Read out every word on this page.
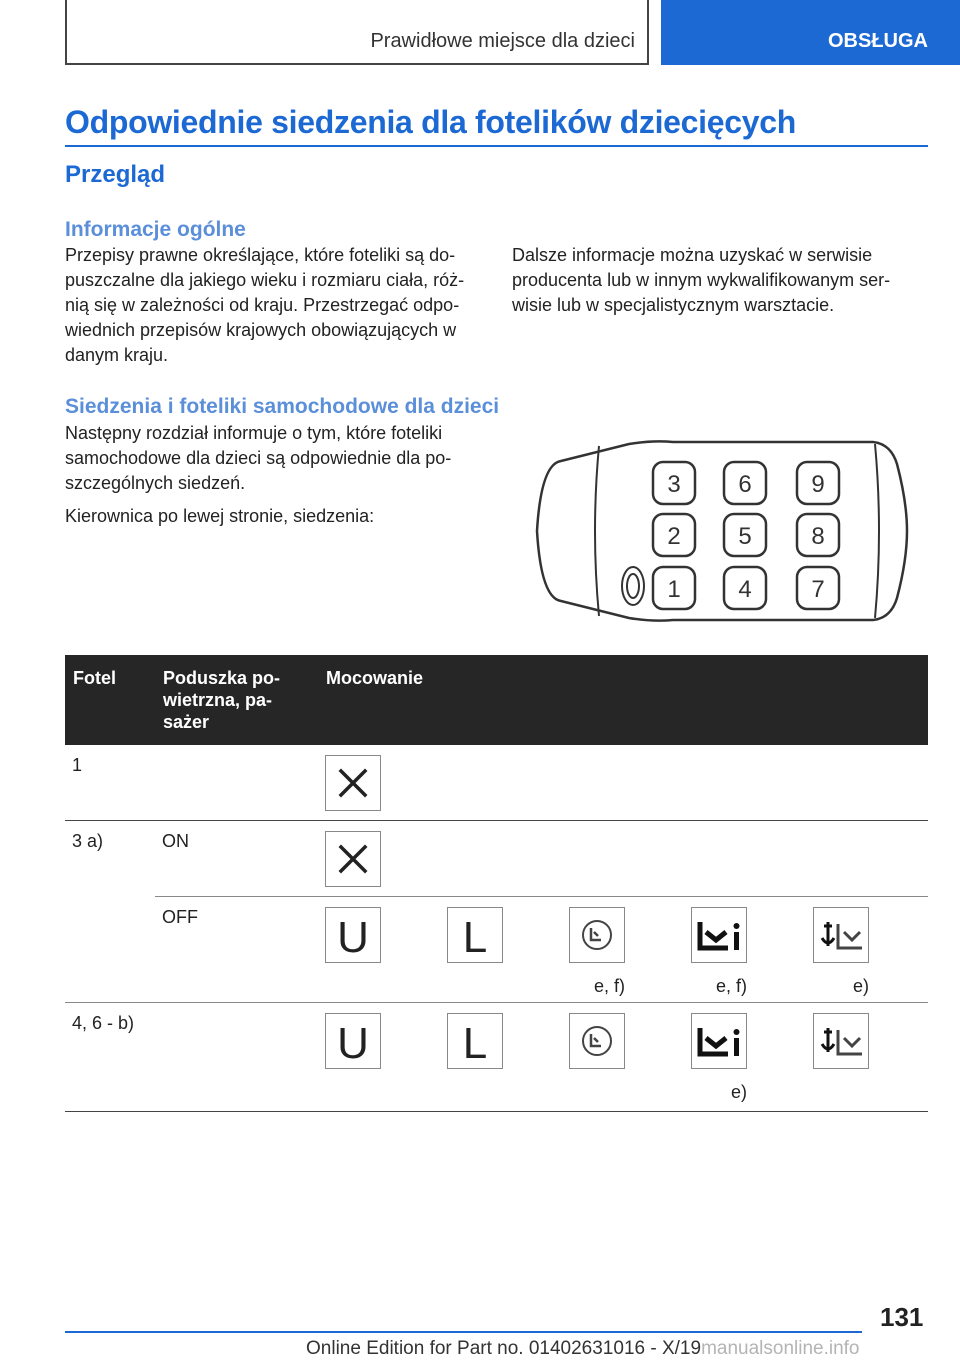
Prawidłowe miejsce dla dzieci	OBSŁUGA
Odpowiednie siedzenia dla fotelików dziecięcych
Przegląd
Informacje ogólne
Przepisy prawne określające, które foteliki są do-
puszczalne dla jakiego wieku i rozmiaru ciała, róż-
nią się w zależności od kraju. Przestrzegać odpo-
wiednich przepisów krajowych obowiązujących w
danym kraju.
Dalsze informacje można uzyskać w serwisie
producenta lub w innym wykwalifikowanym ser-
wisie lub w specjalistycznym warsztacie.
Siedzenia i foteliki samochodowe dla dzieci
Następny rozdział informuje o tym, które foteliki
samochodowe dla dzieci są odpowiednie dla po-
szczególnych siedzeń.
Kierownica po lewej stronie, siedzenia:
3 6 9
2 5 8
1 4 7
Fotel	Poduszka po-
wietrzna, pa-
sażer	Mocowanie				
1		

3 a)	ON	

	OFF	U	L	e, f)	e, f)	e)

4, 6 - b)		U	L		e)

131
Online Edition for Part no. 01402631016 - X/19manualsonline.info
